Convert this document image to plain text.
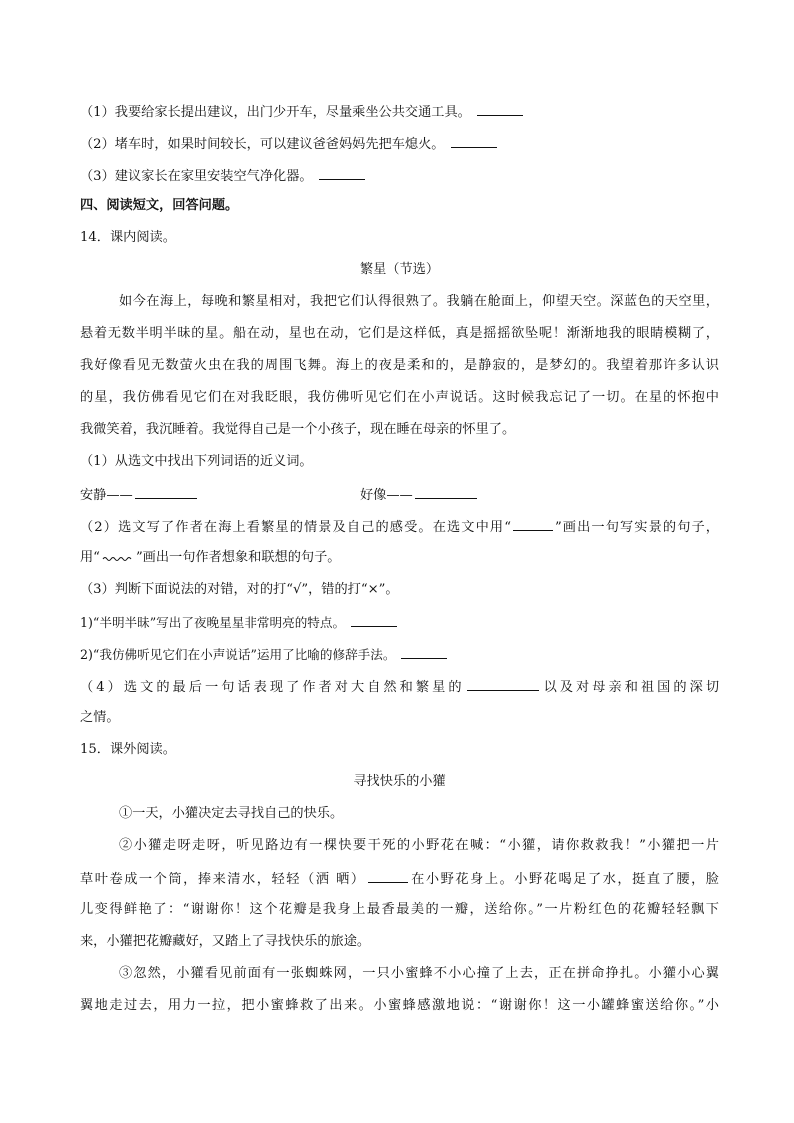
（1）我要给家长提出建议，出门少开车，尽量乘坐公共交通工具。
（2）堵车时，如果时间较长，可以建议爸爸妈妈先把车熄火。
（3）建议家长在家里安装空气净化器。
四、阅读短文，回答问题。
14．课内阅读。
繁星（节选）
如今在海上，每晚和繁星相对，我把它们认得很熟了。我躺在舱面上，仰望天空。深蓝色的天空里，
悬着无数半明半昧的星。船在动，星也在动，它们是这样低，真是摇摇欲坠呢！渐渐地我的眼睛模糊了，
我好像看见无数萤火虫在我的周围飞舞。海上的夜是柔和的，是静寂的，是梦幻的。我望着那许多认识
的星，我仿佛看见它们在对我眨眼，我仿佛听见它们在小声说话。这时候我忘记了一切。在星的怀抱中
我微笑着，我沉睡着。我觉得自己是一个小孩子，现在睡在母亲的怀里了。
（1）从选文中找出下列词语的近义词。
安静——	好像——
（2）选文写了作者在海上看繁星的情景及自己的感受。在选文中用“	”画出一句写实景的句子，
用“	”画出一句作者想象和联想的句子。
（3）判断下面说法的对错，对的打“√”，错的打“×”。
1)“半明半昧”写出了夜晚星星非常明亮的特点。
2)“我仿佛听见它们在小声说话”运用了比喻的修辞手法。
（4）选文的最后一句话表现了作者对大自然和繁星的	以及对母亲和祖国的深切
之情。
15．课外阅读。
寻找快乐的小獾
①一天，小獾决定去寻找自己的快乐。
②小獾走呀走呀，听见路边有一棵快要干死的小野花在喊：“小獾，请你救救我！”小獾把一片
草叶卷成一个筒，捧来清水，轻轻（洒 晒）	在小野花身上。小野花喝足了水，挺直了腰，脸
儿变得鲜艳了：“谢谢你！这个花瓣是我身上最香最美的一瓣，送给你。”一片粉红色的花瓣轻轻飘下
来，小獾把花瓣藏好，又踏上了寻找快乐的旅途。
③忽然，小獾看见前面有一张蜘蛛网，一只小蜜蜂不小心撞了上去，正在拼命挣扎。小獾小心翼
翼地走过去，用力一拉，把小蜜蜂救了出来。小蜜蜂感激地说：“谢谢你！这一小罐蜂蜜送给你。”小
